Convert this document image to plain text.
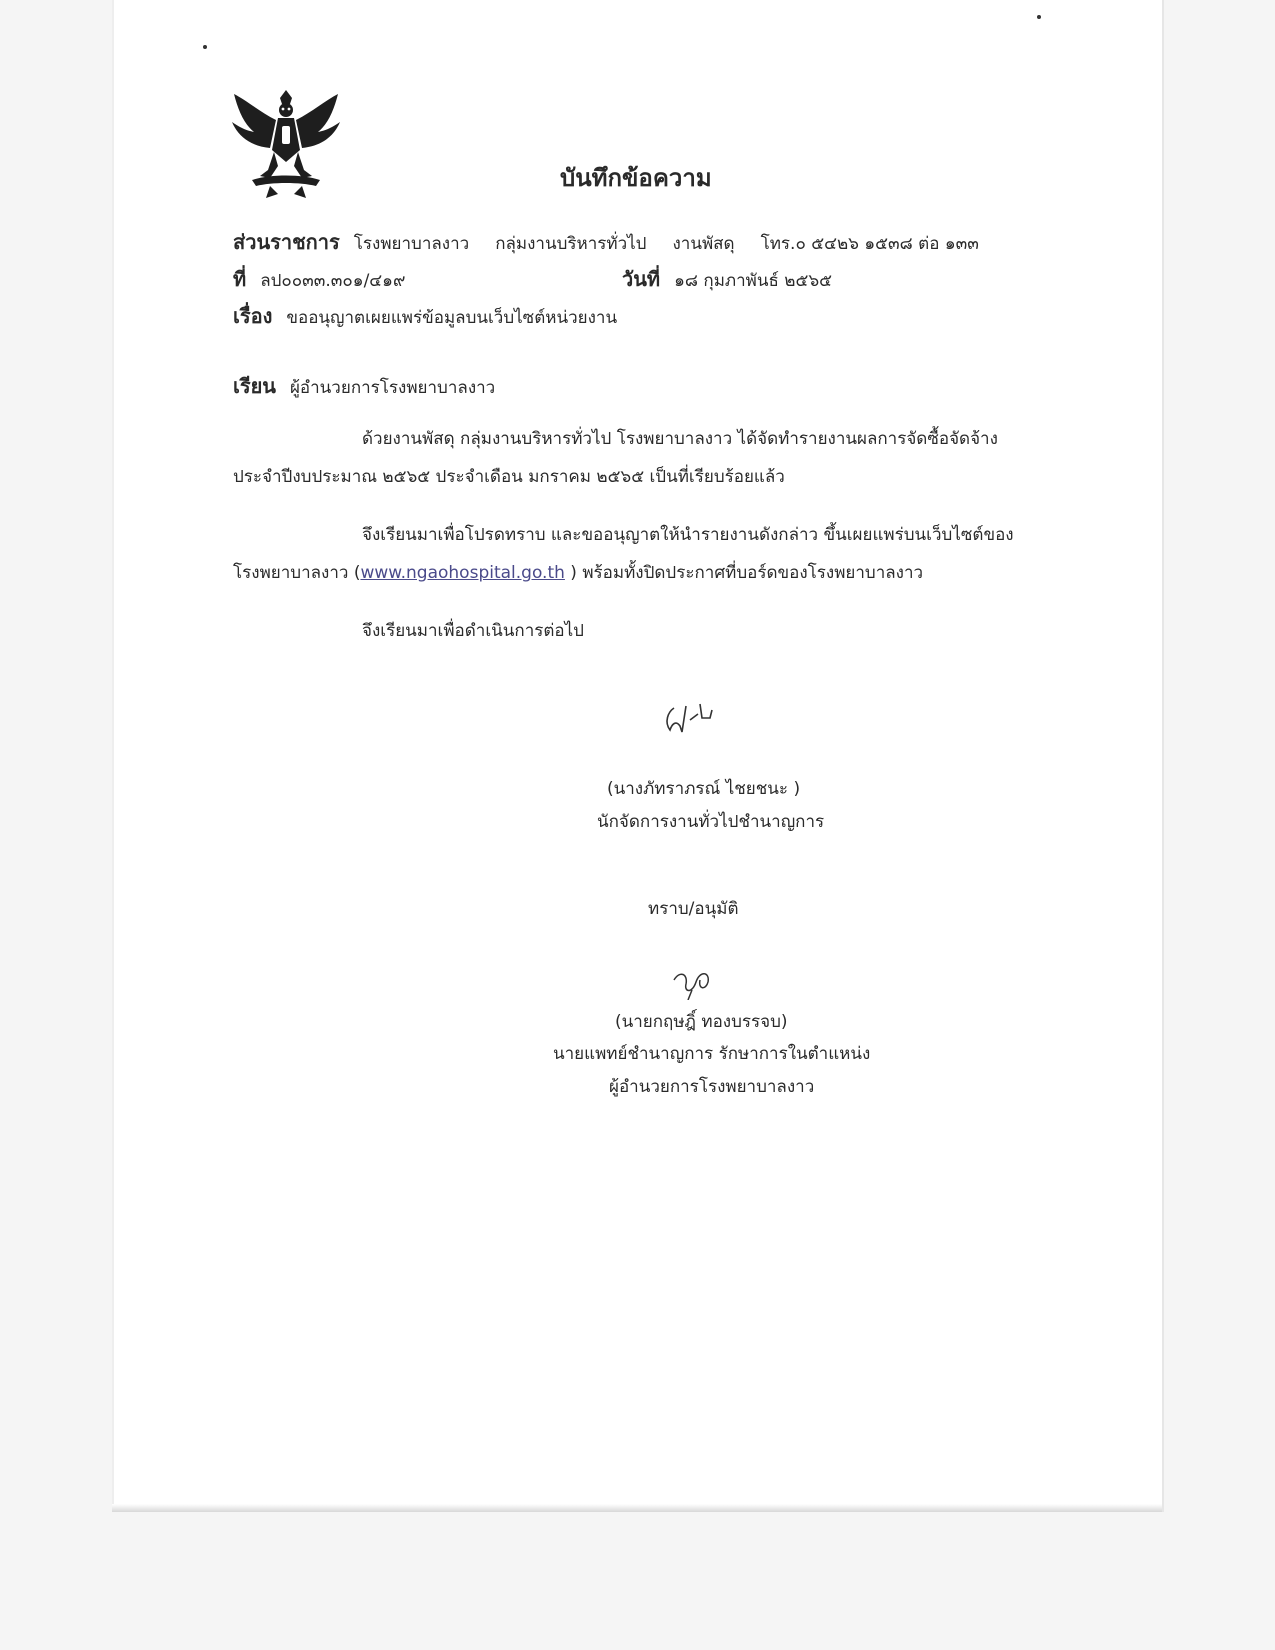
บันทึกข้อความ
ส่วนราชการ โรงพยาบาลงาว กลุ่มงานบริหารทั่วไป งานพัสดุ โทร.๐ ๕๔๒๖ ๑๕๓๘ ต่อ ๑๓๓
ที่ ลป๐๐๓๓.๓๐๑/๔๑๙	วันที่ ๑๘ กุมภาพันธ์ ๒๕๖๕
เรื่อง ขออนุญาตเผยแพร่ข้อมูลบนเว็บไซต์หน่วยงาน
เรียน ผู้อำนวยการโรงพยาบาลงาว
ด้วยงานพัสดุ กลุ่มงานบริหารทั่วไป โรงพยาบาลงาว ได้จัดทำรายงานผลการจัดซื้อจัดจ้าง
ประจำปีงบประมาณ ๒๕๖๕ ประจำเดือน มกราคม ๒๕๖๕ เป็นที่เรียบร้อยแล้ว
จึงเรียนมาเพื่อโปรดทราบ และขออนุญาตให้นำรายงานดังกล่าว ขึ้นเผยแพร่บนเว็บไซต์ของ
โรงพยาบาลงาว (www.ngaohospital.go.th ) พร้อมทั้งปิดประกาศที่บอร์ดของโรงพยาบาลงาว
จึงเรียนมาเพื่อดำเนินการต่อไป
(นางภัทราภรณ์ ไชยชนะ )
นักจัดการงานทั่วไปชำนาญการ
ทราบ/อนุมัติ
(นายกฤษฎิ์ ทองบรรจบ)
นายแพทย์ชำนาญการ รักษาการในตำแหน่ง
ผู้อำนวยการโรงพยาบาลงาว
